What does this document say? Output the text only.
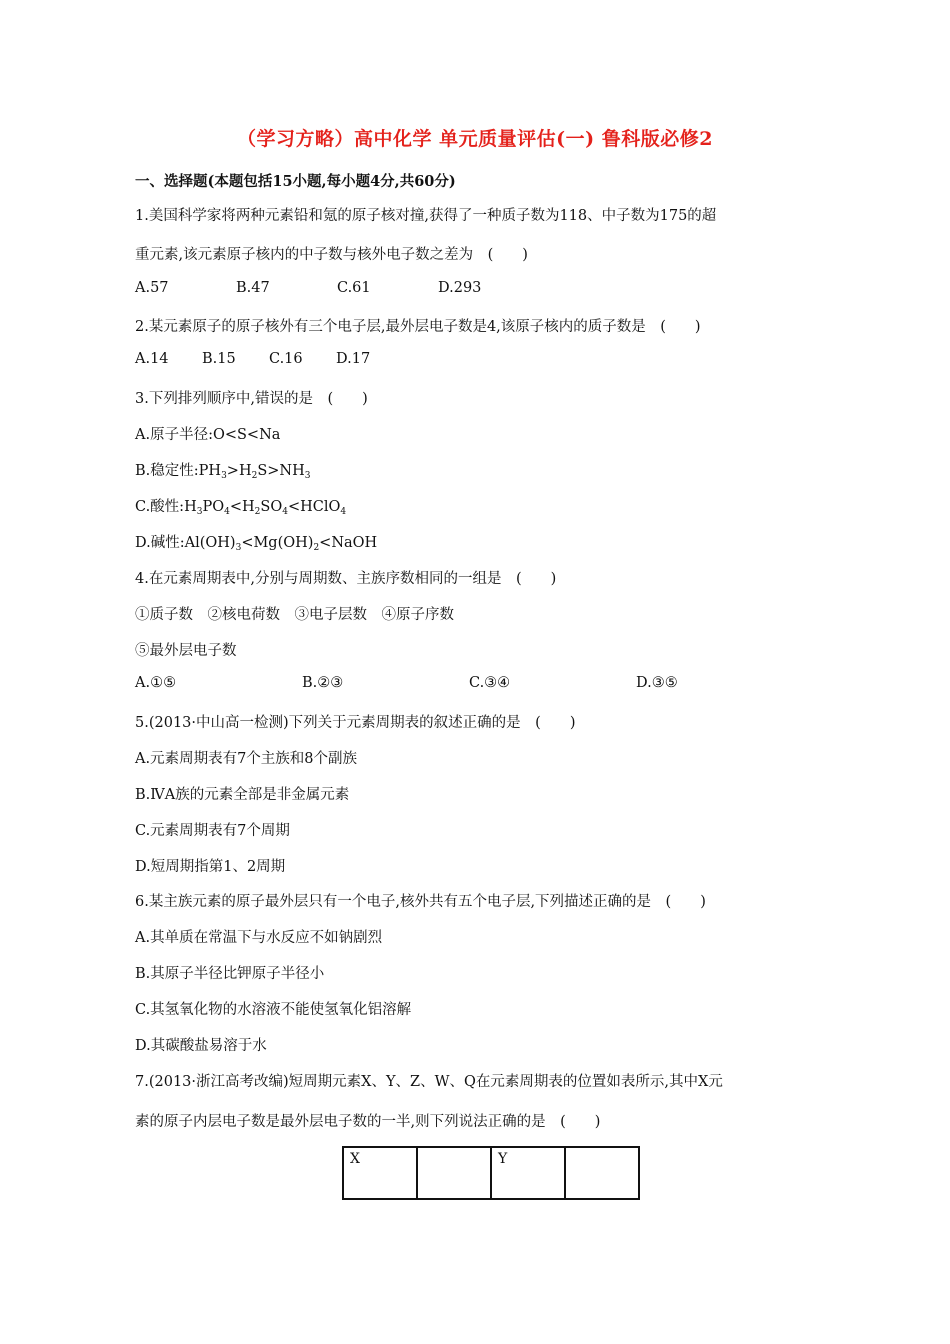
（学习方略）高中化学 单元质量评估(一) 鲁科版必修2
一、选择题(本题包括15小题,每小题4分,共60分)
1.美国科学家将两种元素铅和氪的原子核对撞,获得了一种质子数为118、中子数为175的超
重元素,该元素原子核内的中子数与核外电子数之差为　(　　)
A.57	B.47	C.61	D.293
2.某元素原子的原子核外有三个电子层,最外层电子数是4,该原子核内的质子数是　(　　)
A.14 B.15 C.16 D.17
3.下列排列顺序中,错误的是　(　　)
A.原子半径:O<S<Na
B.稳定性$:PH_3>H_2S>NH_3$
C.酸性$:H_3PO_4<H_2SO_4<HClO_4$
D.碱性$:Al(OH)_3<Mg(OH)_2<NaOH$
4.在元素周期表中,分别与周期数、主族序数相同的一组是　(　　)
①质子数　②核电荷数　③电子层数　④原子序数
⑤最外层电子数
A.①⑤	B.②③	C.③④	D.③⑤
5.(2013·中山高一检测)下列关于元素周期表的叙述正确的是　(　　)
A.元素周期表有7个主族和8个副族
B.ⅣA族的元素全部是非金属元素
C.元素周期表有7个周期
D.短周期指第1、2周期
6.某主族元素的原子最外层只有一个电子,核外共有五个电子层,下列描述正确的是　(　　)
A.其单质在常温下与水反应不如钠剧烈
B.其原子半径比钾原子半径小
C.其氢氧化物的水溶液不能使氢氧化铝溶解
D.其碳酸盐易溶于水
7.(2013·浙江高考改编)短周期元素X、Y、Z、W、Q在元素周期表的位置如表所示,其中X元
素的原子内层电子数是最外层电子数的一半,则下列说法正确的是　(　　)
X		Y	
